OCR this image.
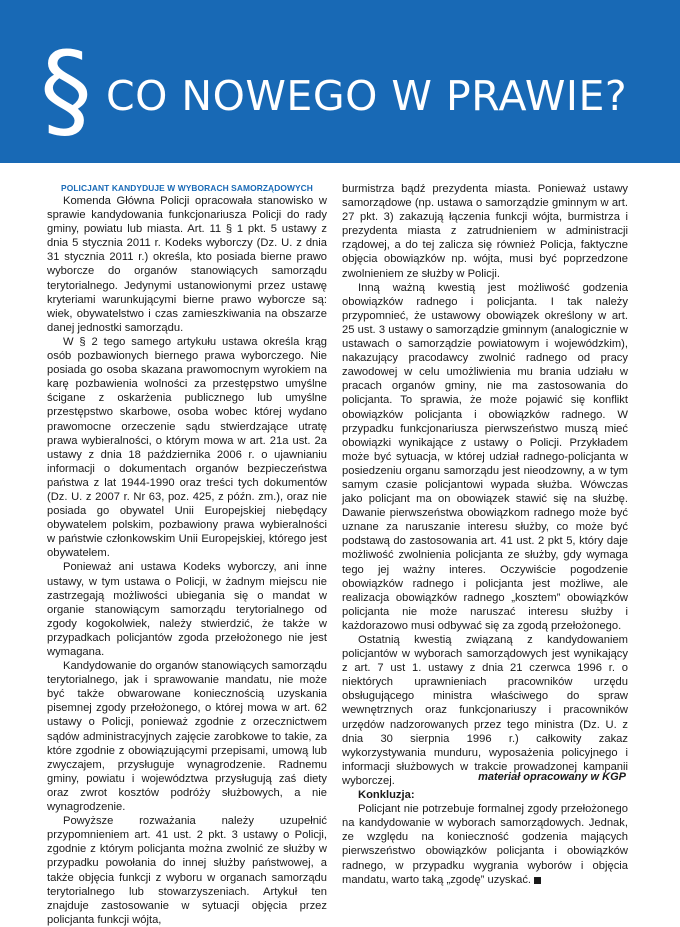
§ CO NOWEGO W PRAWIE?

POLICJANT KANDYDUJE W WYBORACH SAMORZĄDOWYCH

Komenda Główna Policji opracowała stanowisko w sprawie kandydowania funkcjonariusza Policji do rady gminy, powiatu lub miasta. Art. 11 § 1 pkt. 5 ustawy z dnia 5 stycznia 2011 r. Kodeks wyborczy (Dz. U. z dnia 31 stycznia 2011 r.) określa, kto posiada bierne prawo wyborcze do organów stanowiących samorządu terytorialnego. Jedynymi ustanowionymi przez ustawę kryteriami warunkującymi bierne prawo wyborcze są: wiek, obywatelstwo i czas zamieszkiwania na obszarze danej jednostki samorządu.

W § 2 tego samego artykułu ustawa określa krąg osób pozbawionych biernego prawa wyborczego. Nie posiada go osoba skazana prawomocnym wyrokiem na karę pozbawienia wolności za przestępstwo umyślne ścigane z oskarżenia publicznego lub umyślne przestępstwo skarbowe, osoba wobec której wydano prawomocne orzeczenie sądu stwierdzające utratę prawa wybieralności, o którym mowa w art. 21a ust. 2a ustawy z dnia 18 października 2006 r. o ujawnianiu informacji o dokumentach organów bezpieczeństwa państwa z lat 1944-1990 oraz treści tych dokumentów (Dz. U. z 2007 r. Nr 63, poz. 425, z późn. zm.), oraz nie posiada go obywatel Unii Europejskiej niebędący obywatelem polskim, pozbawiony prawa wybieralności w państwie członkowskim Unii Europejskiej, którego jest obywatelem.

Ponieważ ani ustawa Kodeks wyborczy, ani inne ustawy, w tym ustawa o Policji, w żadnym miejscu nie zastrzegają możliwości ubiegania się o mandat w organie stanowiącym samorządu terytorialnego od zgody kogokolwiek, należy stwierdzić, że także w przypadkach policjantów zgoda przełożonego nie jest wymagana.

Kandydowanie do organów stanowiących samorządu terytorialnego, jak i sprawowanie mandatu, nie może być także obwarowane koniecznością uzyskania pisemnej zgody przełożonego, o której mowa w art. 62 ustawy o Policji, ponieważ zgodnie z orzecznictwem sądów administracyjnych zajęcie zarobkowe to takie, za które zgodnie z obowiązującymi przepisami, umową lub zwyczajem, przysługuje wynagrodzenie. Radnemu gminy, powiatu i województwa przysługują zaś diety oraz zwrot kosztów podróży służbowych, a nie wynagrodzenie.

Powyższe rozważania należy uzupełnić przypomnieniem art. 41 ust. 2 pkt. 3 ustawy o Policji, zgodnie z którym policjanta można zwolnić ze służby w przypadku powołania do innej służby państwowej, a także objęcia funkcji z wyboru w organach samorządu terytorialnego lub stowarzyszeniach. Artykuł ten znajduje zastosowanie w sytuacji objęcia przez policjanta funkcji wójta,

burmistrza bądź prezydenta miasta. Ponieważ ustawy samorządowe (np. ustawa o samorządzie gminnym w art. 27 pkt. 3) zakazują łączenia funkcji wójta, burmistrza i prezydenta miasta z zatrudnieniem w administracji rządowej, a do tej zalicza się również Policja, faktyczne objęcia obowiązków np. wójta, musi być poprzedzone zwolnieniem ze służby w Policji.

Inną ważną kwestią jest możliwość godzenia obowiązków radnego i policjanta. I tak należy przypomnieć, że ustawowy obowiązek określony w art. 25 ust. 3 ustawy o samorządzie gminnym (analogicznie w ustawach o samorządzie powiatowym i wojewódzkim), nakazujący pracodawcy zwolnić radnego od pracy zawodowej w celu umożliwienia mu brania udziału w pracach organów gminy, nie ma zastosowania do policjanta. To sprawia, że może pojawić się konflikt obowiązków policjanta i obowiązków radnego. W przypadku funkcjonariusza pierwszeństwo muszą mieć obowiązki wynikające z ustawy o Policji. Przykładem może być sytuacja, w której udział radnego-policjanta w posiedzeniu organu samorządu jest nieodzowny, a w tym samym czasie policjantowi wypada służba. Wówczas jako policjant ma on obowiązek stawić się na służbę. Dawanie pierwszeństwa obowiązkom radnego może być uznane za naruszanie interesu służby, co może być podstawą do zastosowania art. 41 ust. 2 pkt 5, który daje możliwość zwolnienia policjanta ze służby, gdy wymaga tego jej ważny interes. Oczywiście pogodzenie obowiązków radnego i policjanta jest możliwe, ale realizacja obowiązków radnego „kosztem” obowiązków policjanta nie może naruszać interesu służby i każdorazowo musi odbywać się za zgodą przełożonego.

Ostatnią kwestią związaną z kandydowaniem policjantów w wyborach samorządowych jest wynikający z art. 7 ust 1. ustawy z dnia 21 czerwca 1996 r. o niektórych uprawnieniach pracowników urzędu obsługującego ministra właściwego do spraw wewnętrznych oraz funkcjonariuszy i pracowników urzędów nadzorowanych przez tego ministra (Dz. U. z dnia 30 sierpnia 1996 r.) całkowity zakaz wykorzystywania munduru, wyposażenia policyjnego i informacji służbowych w trakcie prowadzonej kampanii wyborczej.

Konkluzja:

Policjant nie potrzebuje formalnej zgody przełożonego na kandydowanie w wyborach samorządowych. Jednak, ze względu na konieczność godzenia mających pierwszeństwo obowiązków policjanta i obowiązków radnego, w przypadku wygrania wyborów i objęcia mandatu, warto taką „zgodę” uzyskać.

materiał opracowany w KGP
